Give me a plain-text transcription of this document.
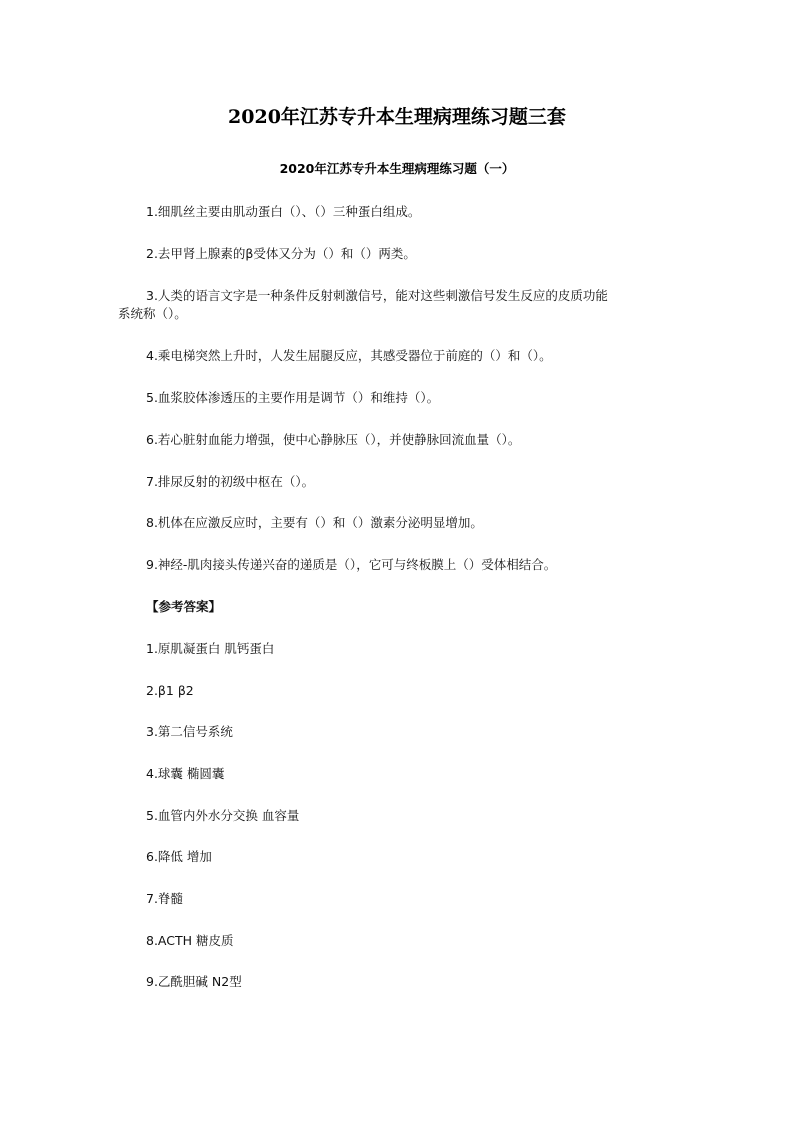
2020年江苏专升本生理病理练习题三套
2020年江苏专升本生理病理练习题（一）
1.细肌丝主要由肌动蛋白（）、（）三种蛋白组成。
2.去甲肾上腺素的β受体又分为（）和（）两类。
3.人类的语言文字是一种条件反射刺激信号，能对这些刺激信号发生反应的皮质功能
系统称（）。
4.乘电梯突然上升时，人发生屈腿反应，其感受器位于前庭的（）和（）。
5.血浆胶体渗透压的主要作用是调节（）和维持（）。
6.若心脏射血能力增强，使中心静脉压（），并使静脉回流血量（）。
7.排尿反射的初级中枢在（）。
8.机体在应激反应时，主要有（）和（）激素分泌明显增加。
9.神经-肌肉接头传递兴奋的递质是（），它可与终板膜上（）受体相结合。
【参考答案】
1.原肌凝蛋白 肌钙蛋白
2.β1 β2
3.第二信号系统
4.球囊 椭圆囊
5.血管内外水分交换 血容量
6.降低 增加
7.脊髓
8.ACTH 糖皮质
9.乙酰胆碱 N2型
